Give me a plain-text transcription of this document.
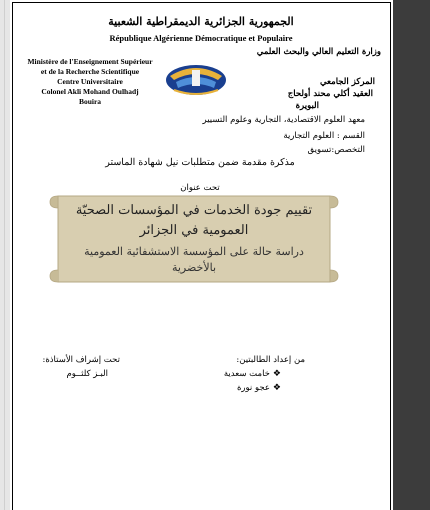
الجمهورية الجزائرية الديمقراطية الشعبية
République Algérienne Démocratique et Populaire
وزارة التعليم العالي والبحث العلمي
Ministère de l'Enseignement Supérieur
et de la Recherche Scientifique
Centre Universitaire
Colonel Akli Mohand Oulhadj
Bouira
المركز الجامعي
العقيد أكلي محند أولحاج
البويرة
معهد العلوم الاقتصادية، التجارية وعلوم التسيير
القسم : العلوم التجارية
التخصص:تسويق
مذكرة مقدمة ضمن متطلبات نيل شهادة الماستر
تحت عنوان
تقييم جودة الخدمات في المؤسسات الصحيّة
العمومية في الجزائر
دراسة حالة على المؤسسة الاستشفائية العمومية
بالأخضرية
من إعداد الطالبتين:
❖خامت سعدية
❖عجو نورة
تحت إشراف الأستاذة:
البـز كلثــوم
